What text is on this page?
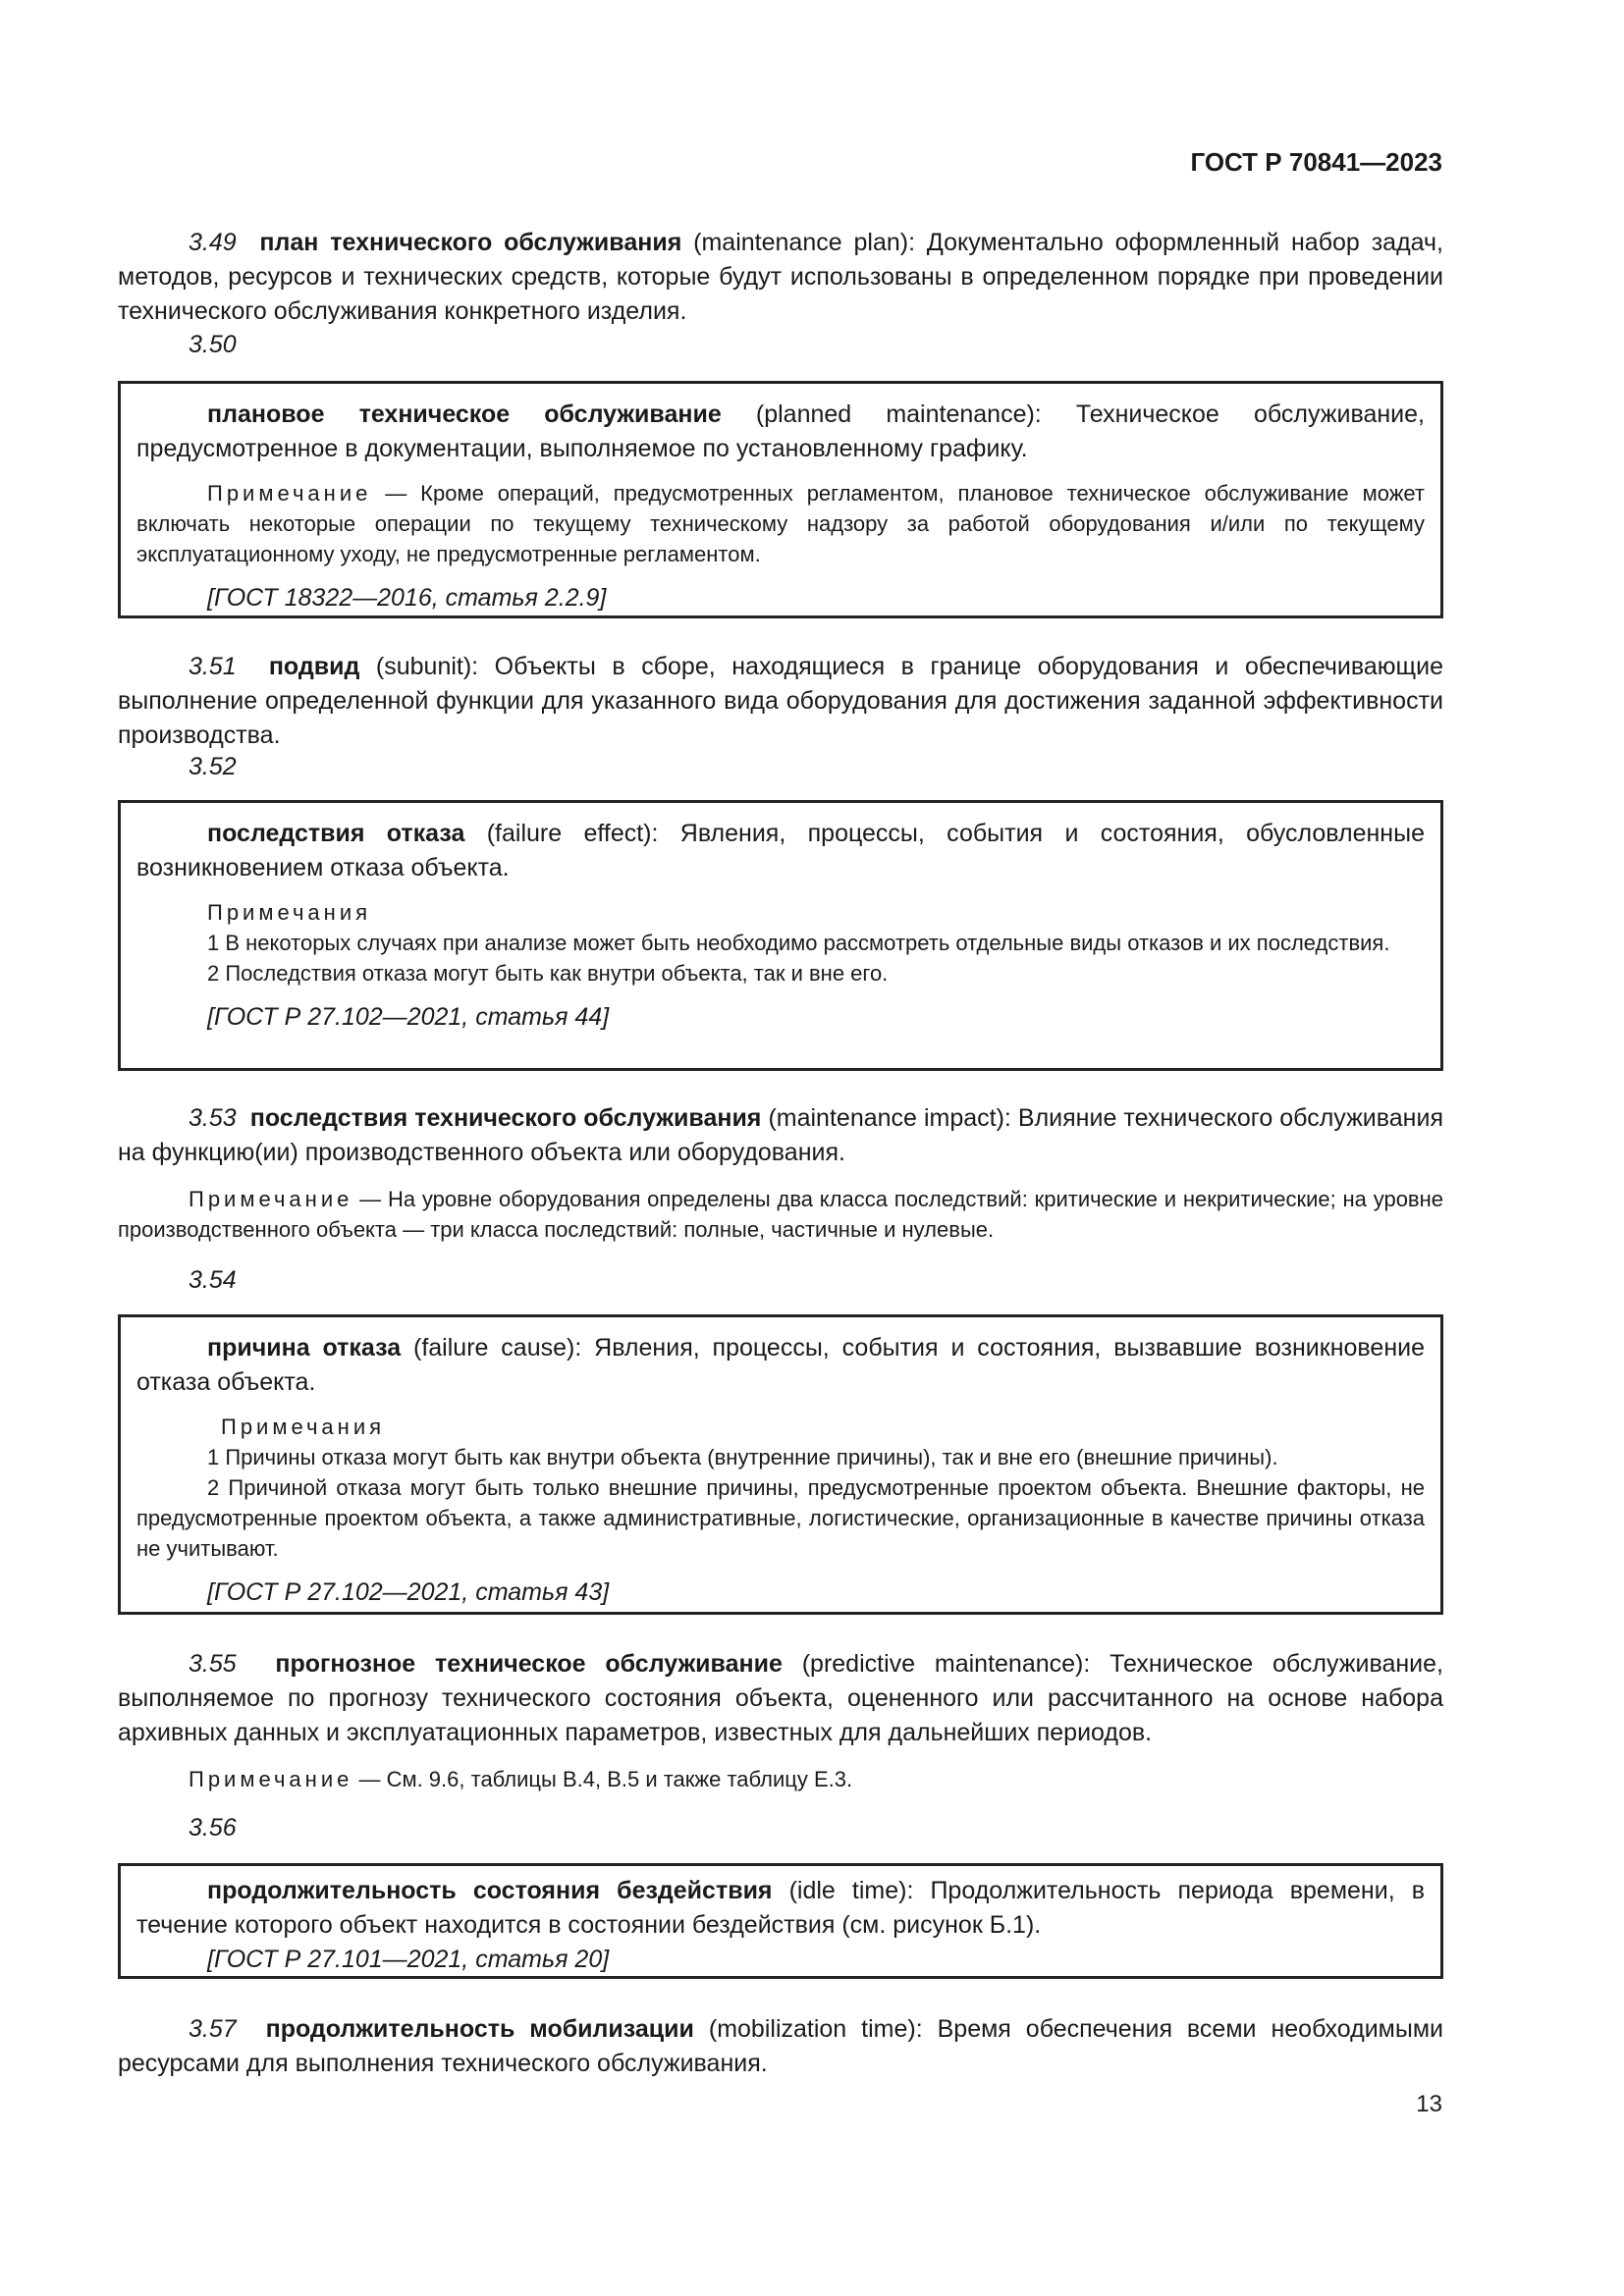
ГОСТ Р 70841—2023

3.49 план технического обслуживания (maintenance plan): Документально оформленный набор задач, методов, ресурсов и технических средств, которые будут использованы в определенном порядке при проведении технического обслуживания конкретного изделия.

3.50

плановое техническое обслуживание (planned maintenance): Техническое обслуживание, предусмотренное в документации, выполняемое по установленному графику.

Примечание — Кроме операций, предусмотренных регламентом, плановое техническое обслуживание может включать некоторые операции по текущему техническому надзору за работой оборудования и/или по текущему эксплуатационному уходу, не предусмотренные регламентом.

[ГОСТ 18322—2016, статья 2.2.9]

3.51 подвид (subunit): Объекты в сборе, находящиеся в границе оборудования и обеспечивающие выполнение определенной функции для указанного вида оборудования для достижения заданной эффективности производства.

3.52

последствия отказа (failure effect): Явления, процессы, события и состояния, обусловленные возникновением отказа объекта.

Примечания

1 В некоторых случаях при анализе может быть необходимо рассмотреть отдельные виды отказов и их последствия.

2 Последствия отказа могут быть как внутри объекта, так и вне его.

[ГОСТ Р 27.102—2021, статья 44]

3.53 последствия технического обслуживания (maintenance impact): Влияние технического обслуживания на функцию(ии) производственного объекта или оборудования.

Примечание — На уровне оборудования определены два класса последствий: критические и некритические; на уровне производственного объекта — три класса последствий: полные, частичные и нулевые.

3.54

причина отказа (failure cause): Явления, процессы, события и состояния, вызвавшие возникновение отказа объекта.

Примечания

1 Причины отказа могут быть как внутри объекта (внутренние причины), так и вне его (внешние причины).

2 Причиной отказа могут быть только внешние причины, предусмотренные проектом объекта. Внешние факторы, не предусмотренные проектом объекта, а также административные, логистические, организационные в качестве причины отказа не учитывают.

[ГОСТ Р 27.102—2021, статья 43]

3.55 прогнозное техническое обслуживание (predictive maintenance): Техническое обслуживание, выполняемое по прогнозу технического состояния объекта, оцененного или рассчитанного на основе набора архивных данных и эксплуатационных параметров, известных для дальнейших периодов.

Примечание — См. 9.6, таблицы В.4, В.5 и также таблицу Е.3.

3.56

продолжительность состояния бездействия (idle time): Продолжительность периода времени, в течение которого объект находится в состоянии бездействия (см. рисунок Б.1).

[ГОСТ Р 27.101—2021, статья 20]

3.57 продолжительность мобилизации (mobilization time): Время обеспечения всеми необходимыми ресурсами для выполнения технического обслуживания.

13
